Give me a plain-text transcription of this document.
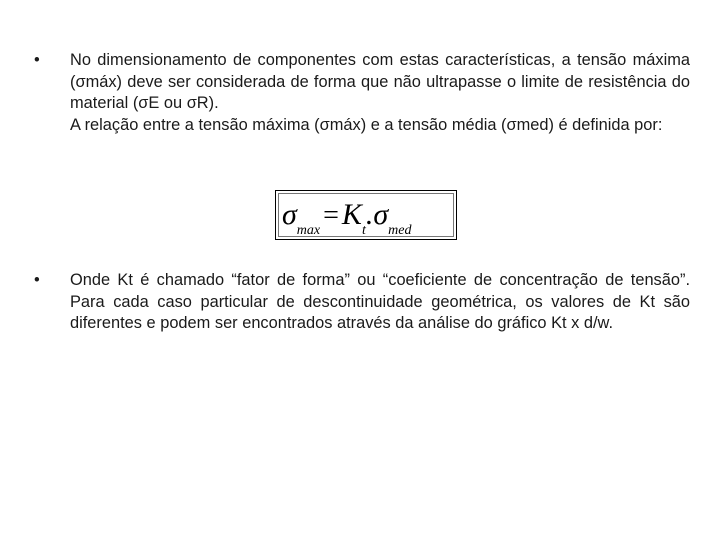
•	No dimensionamento de componentes com estas características, a tensão máxima (σmáx) deve ser considerada de forma que não ultrapasse o limite de resistência do material (σE ou σR).

A relação entre a tensão máxima (σmáx) e a tensão média (σmed) é definida por:

$\sigma_{max} = K_t.\sigma_{med}$
•	Onde Kt é chamado “fator de forma” ou “coeficiente de concentração de tensão”. Para cada caso particular de descontinuidade geométrica, os valores de Kt são diferentes e podem ser encontrados através da análise do gráfico Kt x d/w.
